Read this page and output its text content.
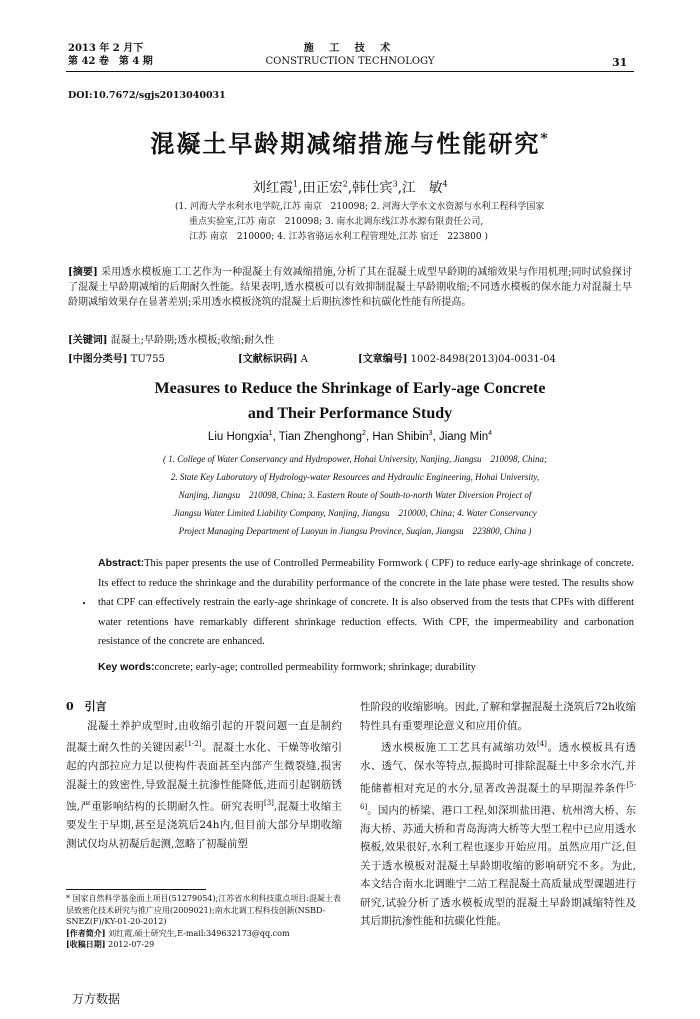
2013 年 2 月下
第 42 卷　第 4 期
施 工 技 术
CONSTRUCTION TECHNOLOGY	31
DOI:10.7672/sgjs2013040031
混凝土早龄期减缩措施与性能研究*
刘红霞$^1$,田正宏$^2$,韩仕宾$^3$,江　敏$^4$
(1. 河海大学水利水电学院,江苏 南京　210098; 2. 河海大学水文水资源与水利工程科学国家
重点实验室,江苏 南京　210098; 3. 南水北调东线江苏水源有限责任公司,
江苏 南京　210000; 4. 江苏省骆运水利工程管理处,江苏 宿迁　223800 )
[摘要] 采用透水模板施工工艺作为一种混凝土有效减缩措施,分析了其在混凝土成型早龄期的减缩效果与作用机理;同时试验探讨了混凝土早龄期减缩的后期耐久性能。结果表明,透水模板可以有效抑制混凝土早龄期收缩;不同透水模板的保水能力对混凝土早龄期减缩效果存在显著差别;采用透水模板浇筑的混凝土后期抗渗性和抗碳化性能有所提高。
[关键词] 混凝土;早龄期;透水模板;收缩;耐久性
[中图分类号] TU755	[文献标识码] A	[文章编号] 1002-8498(2013)04-0031-04
Measures to Reduce the Shrinkage of Early-age Concrete
and Their Performance Study
Liu Hongxia$^1$, Tian Zhenghong$^2$, Han Shibin$^3$, Jiang Min$^4$
( 1. College of Water Conservancy and Hydropower, Hohai University, Nanjing, Jiangsu　210098, China;
2. State Key Laboratory of Hydrology-water Resources and Hydraulic Engineering, Hohai University,
Nanjing, Jiangsu　210098, China; 3. Eastern Route of South-to-north Water Diversion Project of
Jiangsu Water Limited Liability Company, Nanjing, Jiangsu　210000, China; 4. Water Conservancy
Project Managing Department of Luoyun in Jiangsu Province, Suqian, Jiangsu　223800, China )
Abstract:This paper presents the use of Controlled Permeability Formwork ( CPF) to reduce early-age shrinkage of concrete. Its effect to reduce the shrinkage and the durability performance of the concrete in the late phase were tested. The results show that CPF can effectively restrain the early-age shrinkage of concrete. It is also observed from the tests that CPFs with different water retentions have remarkably different shrinkage reduction effects. With CPF, the impermeability and carbonation resistance of the concrete are enhanced.
Key words:concrete; early-age; controlled permeability formwork; shrinkage; durability
0　引言

混凝土养护成型时,由收缩引起的开裂问题一直是制约混凝土耐久性的关键因素[1-2]。混凝土水化、干燥等收缩引起的内部拉应力足以使构件表面甚至内部产生微裂缝,损害混凝土的致密性,导致混凝土抗渗性能降低,进而引起钢筋锈蚀,严重影响结构的长期耐久性。研究表明[3],混凝土收缩主要发生于早期,甚至是浇筑后24h内,但目前大部分早期收缩测试仅均从初凝后起测,忽略了初凝前塑

* 国家自然科学基金面上项目(51279054);江苏省水利科技重点项目:混凝土表层致密化技术研究与推广应用(2009021);南水北调工程科技创新(NSBD-SNEZ(F)/KY-01-20-2012)
[作者简介] 刘红霞,硕士研究生,E-mail:349632173@qq.com
[收稿日期] 2012-07-29

性阶段的收缩影响。因此,了解和掌握混凝土浇筑后72h收缩特性具有重要理论意义和应用价值。

透水模板施工工艺具有减缩功效[4]。透水模板具有透水、透气、保水等特点,振捣时可排除混凝土中多余水汽,并能储蓄相对充足的水分,显著改善混凝土的早期湿养条件[5-6]。国内的桥梁、港口工程,如深圳盐田港、杭州湾大桥、东海大桥、苏通大桥和青岛海湾大桥等大型工程中已应用透水模板,效果很好,水利工程也逐步开始应用。虽然应用广泛,但关于透水模板对混凝土早龄期收缩的影响研究不多。为此,本文结合南水北调睢宁二站工程混凝土高质量成型课题进行研究,试验分析了透水模板成型的混凝土早龄期减缩特性及其后期抗渗性能和抗碳化性能。

万方数据
